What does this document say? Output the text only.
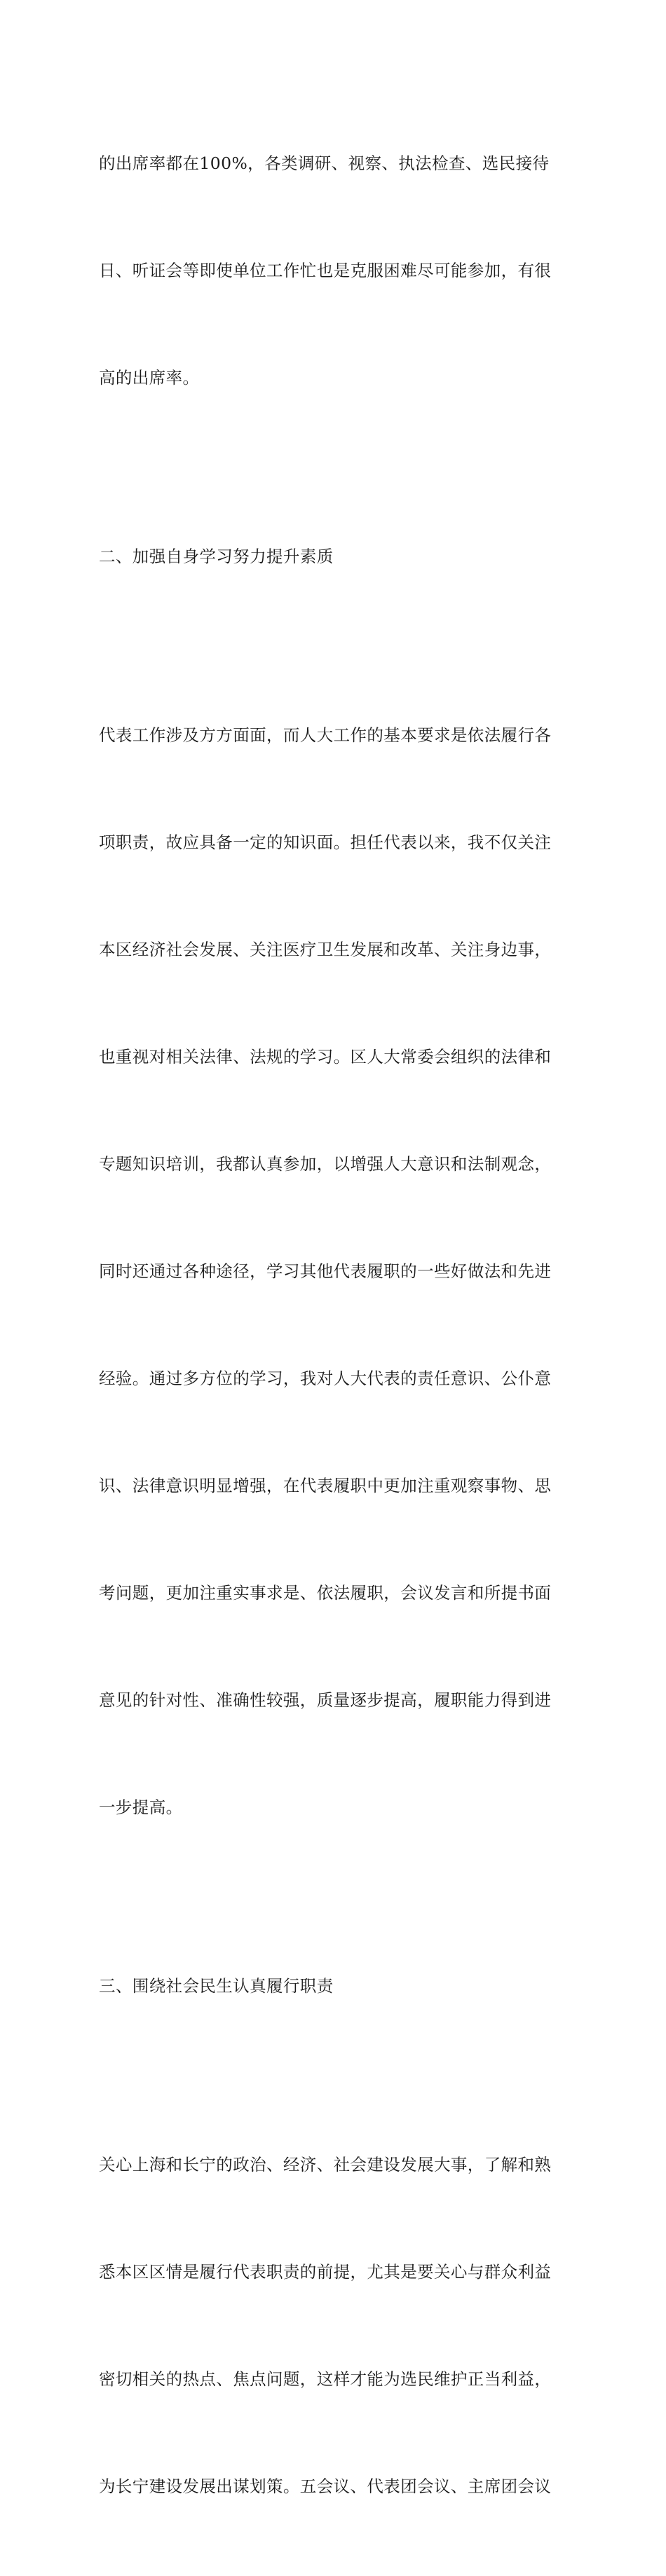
的出席率都在100%，各类调研、视察、执法检查、选民接待

日、听证会等即使单位工作忙也是克服困难尽可能参加，有很

高的出席率。

二、加强自身学习努力提升素质

代表工作涉及方方面面，而人大工作的基本要求是依法履行各

项职责，故应具备一定的知识面。担任代表以来，我不仅关注

本区经济社会发展、关注医疗卫生发展和改革、关注身边事，

也重视对相关法律、法规的学习。区人大常委会组织的法律和

专题知识培训，我都认真参加，以增强人大意识和法制观念，

同时还通过各种途径，学习其他代表履职的一些好做法和先进

经验。通过多方位的学习，我对人大代表的责任意识、公仆意

识、法律意识明显增强，在代表履职中更加注重观察事物、思

考问题，更加注重实事求是、依法履职，会议发言和所提书面

意见的针对性、准确性较强，质量逐步提高，履职能力得到进

一步提高。

三、围绕社会民生认真履行职责

关心上海和长宁的政治、经济、社会建设发展大事，了解和熟

悉本区区情是履行代表职责的前提，尤其是要关心与群众利益

密切相关的热点、焦点问题，这样才能为选民维护正当利益，

为长宁建设发展出谋划策。五会议、代表团会议、主席团会议
